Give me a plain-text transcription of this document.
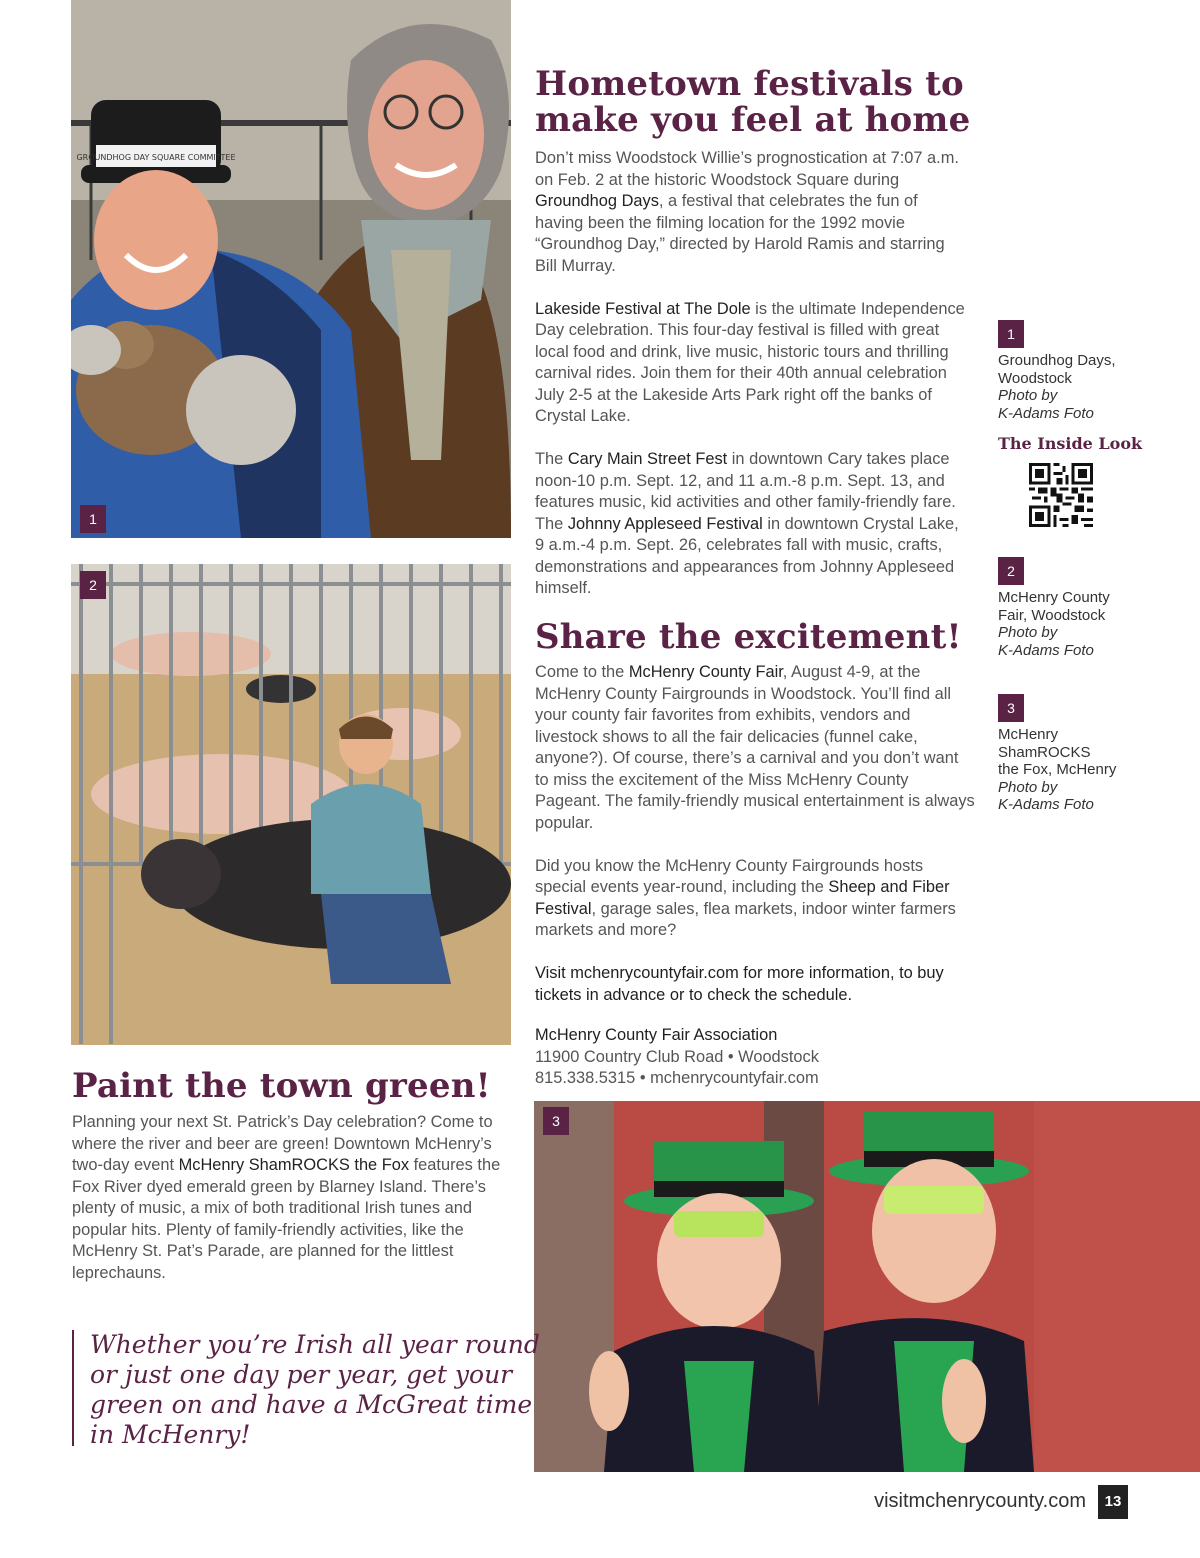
GROUNDHOG DAY SQUARE COMMITTEE
1
2
3
Hometown festivals to
make you feel at home

Don’t miss Woodstock Willie’s prognostication at 7:07 a.m. on Feb. 2 at the historic Woodstock Square during Groundhog Days, a festival that celebrates the fun of having been the filming location for the 1992 movie “Groundhog Day,” directed by Harold Ramis and starring Bill Murray.

Lakeside Festival at The Dole is the ultimate Independence Day celebration. This four-day festival is filled with great local food and drink, live music, historic tours and thrilling carnival rides. Join them for their 40th annual celebration July 2-5 at the Lakeside Arts Park right off the banks of Crystal Lake.

The Cary Main Street Fest in downtown Cary takes place noon-10 p.m. Sept. 12, and 11 a.m.-8 p.m. Sept. 13, and features music, kid activities and other family-friendly fare. The Johnny Appleseed Festival in downtown Crystal Lake, 9 a.m.-4 p.m. Sept. 26, celebrates fall with music, crafts, demonstrations and appearances from Johnny Appleseed himself.

Share the excitement!

Come to the McHenry County Fair, August 4-9, at the McHenry County Fairgrounds in Woodstock. You’ll find all your county fair favorites from exhibits, vendors and livestock shows to all the fair delicacies (funnel cake, anyone?). Of course, there’s a carnival and you don’t want to miss the excitement of the Miss McHenry County Pageant. The family-friendly musical entertainment is always popular.

Did you know the McHenry County Fairgrounds hosts special events year-round, including the Sheep and Fiber Festival, garage sales, flea markets, indoor winter farmers markets and more?

Visit mchenrycountyfair.com for more information, to buy tickets in advance or to check the schedule.

McHenry County Fair Association

11900 Country Club Road • Woodstock

815.338.5315 • mchenrycountyfair.com

Paint the town green!

Planning your next St. Patrick’s Day celebration? Come to where the river and beer are green! Downtown McHenry’s two-day event McHenry ShamROCKS the Fox features the Fox River dyed emerald green by Blarney Island. There’s plenty of music, a mix of both traditional Irish tunes and popular hits. Plenty of family-friendly activities, like the McHenry St. Pat’s Parade, are planned for the littlest leprechauns.

Whether you’re Irish all year round or just one day per year, get your green on and have a McGreat time in McHenry!
1
Groundhog Days,
Woodstock
Photo by
K-Adams Foto
The Inside Look
2
McHenry County
Fair, Woodstock
Photo by
K-Adams Foto
3
McHenry
ShamROCKS
the Fox, McHenry
Photo by
K-Adams Foto
visitmchenrycounty.com	13
